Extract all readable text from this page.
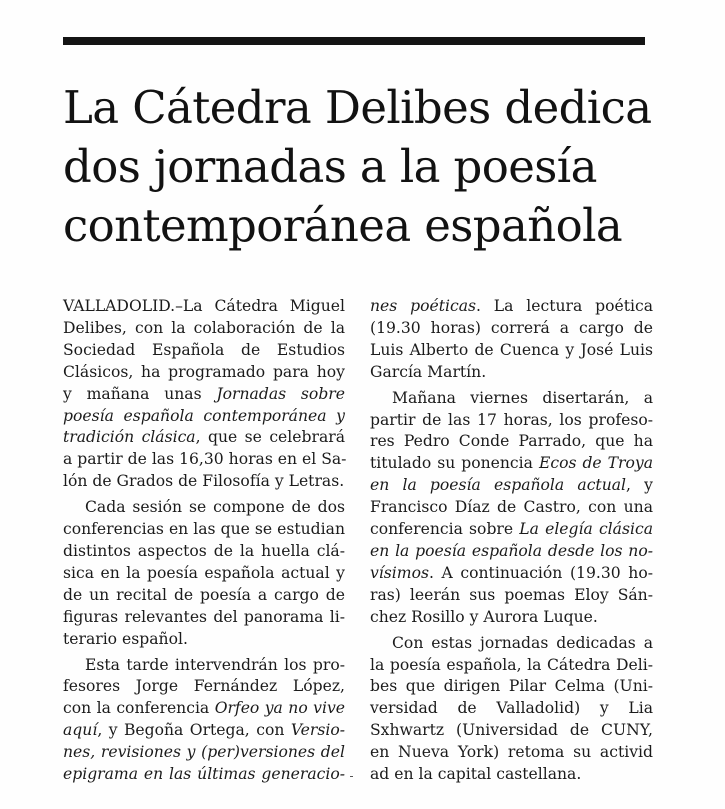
La Cátedra Delibes dedica
dos jornadas a la poesía
contemporánea española

VALLADOLID.–La Cátedra Miguel
Delibes, con la colaboración de la
Sociedad Española de Estudios
Clásicos, ha programado para hoy
y mañana unas Jornadas sobre
poesía española contemporánea y
tradición clásica, que se celebrará
a partir de las 16,30 horas en el Sa-
lón de Grados de Filosofía y Letras.

Cada sesión se compone de dos
conferencias en las que se estudian
distintos aspectos de la huella clá-
sica en la poesía española actual y
de un recital de poesía a cargo de
figuras relevantes del panorama li-
terario español.

Esta tarde intervendrán los pro-
fesores Jorge Fernández López,
con la conferencia Orfeo ya no vive
aquí, y Begoña Ortega, con Versio-
nes, revisiones y (per)versiones del
epigrama en las últimas generacio-

nes poéticas. La lectura poética
(19.30 horas) correrá a cargo de
Luis Alberto de Cuenca y José Luis
García Martín.

Mañana viernes disertarán, a
partir de las 17 horas, los profeso-
res Pedro Conde Parrado, que ha
titulado su ponencia Ecos de Troya
en la poesía española actual, y
Francisco Díaz de Castro, con una
conferencia sobre La elegía clásica
en la poesía española desde los no-
vísimos. A continuación (19.30 ho-
ras) leerán sus poemas Eloy Sán-
chez Rosillo y Aurora Luque.

Con estas jornadas dedicadas a
la poesía española, la Cátedra Deli-
bes que dirigen Pilar Celma (Uni-
versidad de Valladolid) y Lia
Sxhwartz (Universidad de CUNY,
en Nueva York) retoma su activid
ad en la capital castellana.
